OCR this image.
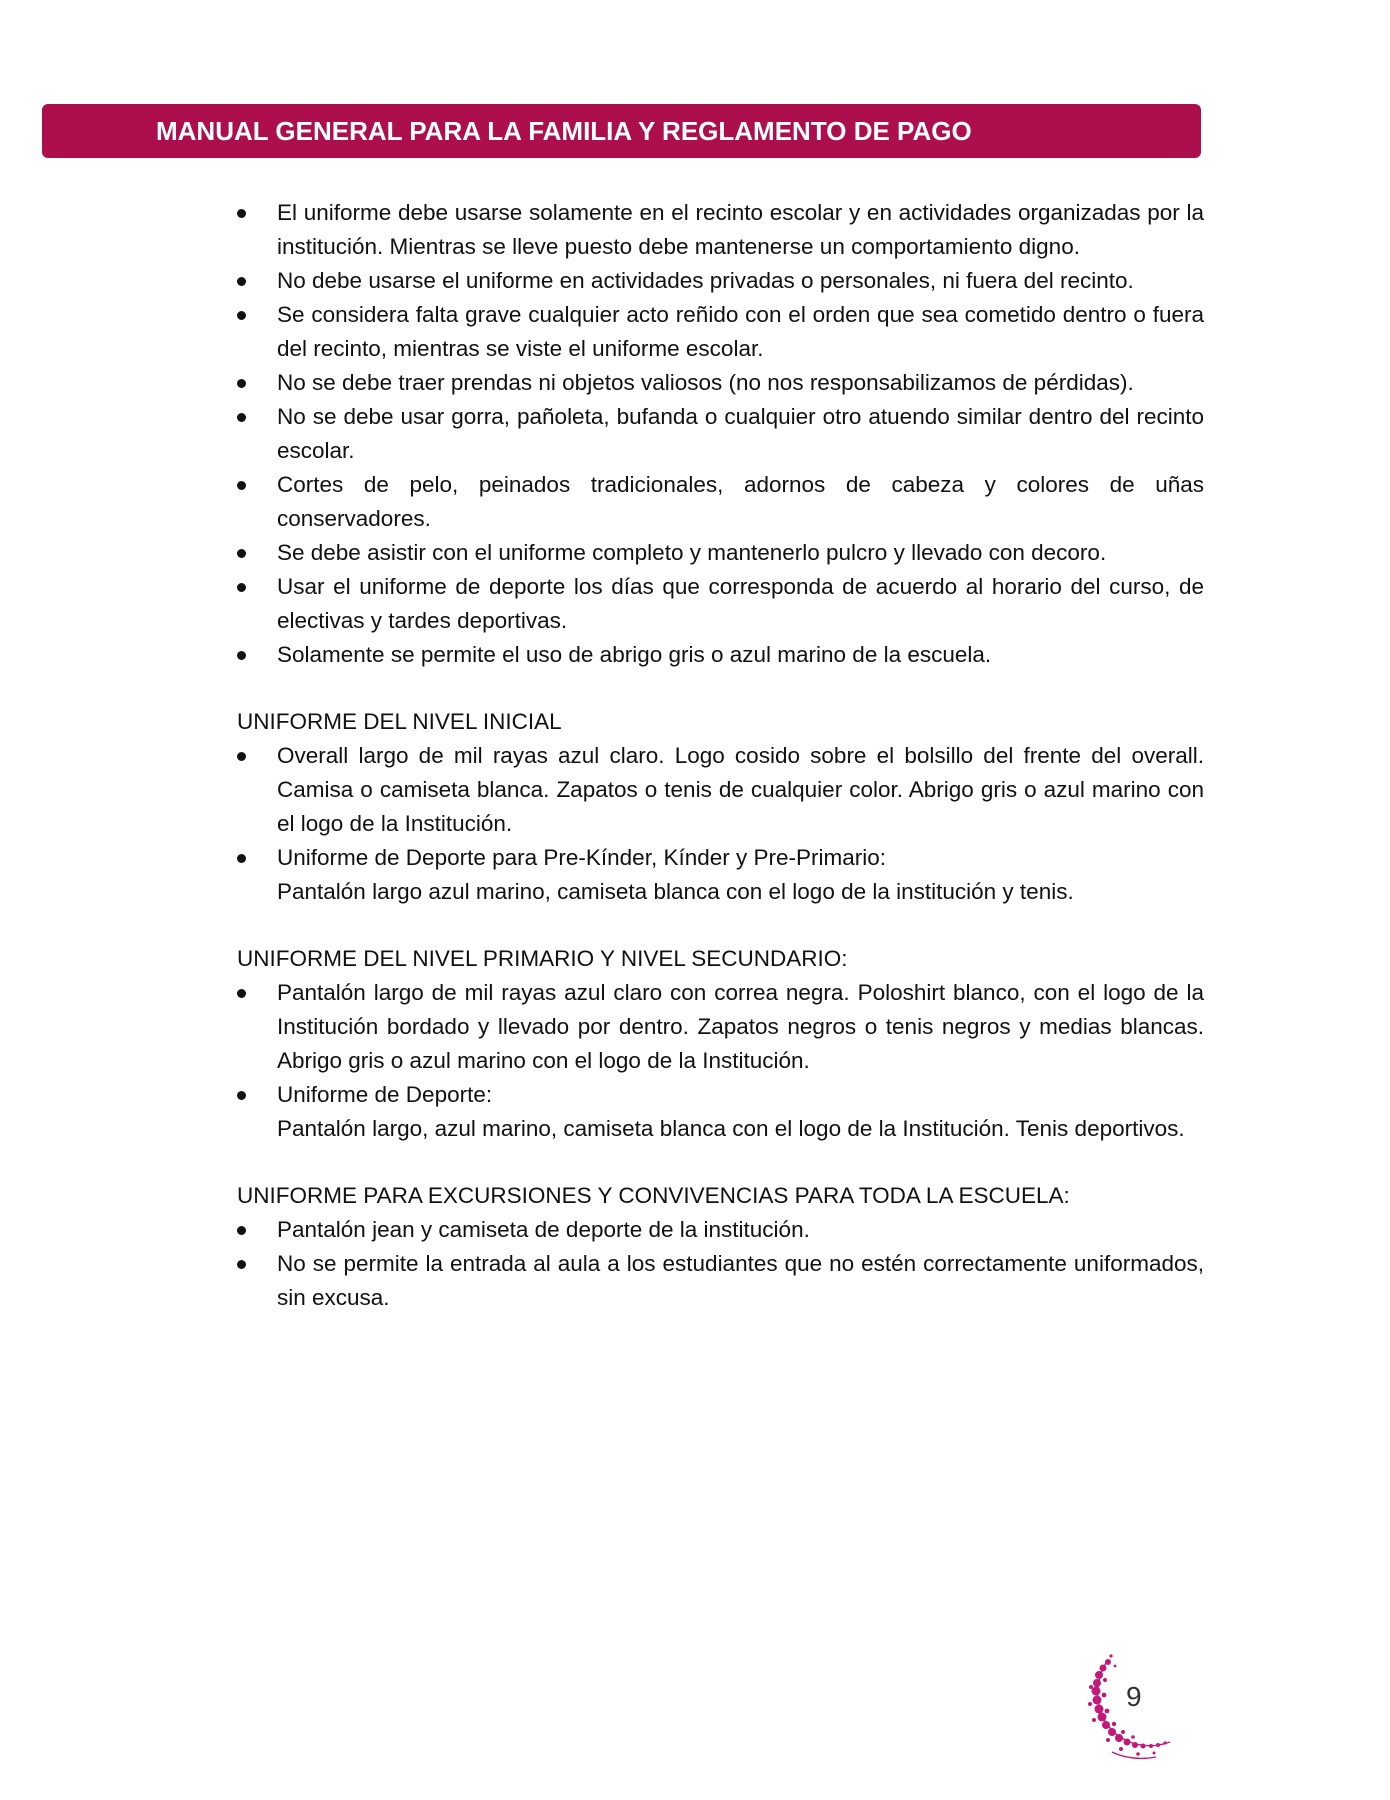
MANUAL GENERAL PARA LA FAMILIA Y REGLAMENTO DE PAGO
El uniforme debe usarse solamente en el recinto escolar y en actividades organizadas por la institución. Mientras se lleve puesto debe mantenerse un comportamiento digno.
No debe usarse el uniforme en actividades privadas o personales, ni fuera del recinto.
Se considera falta grave cualquier acto reñido con el orden que sea cometido dentro o fuera del recinto, mientras se viste el uniforme escolar.
No se debe traer prendas ni objetos valiosos (no nos responsabilizamos de pérdidas).
No se debe usar gorra, pañoleta, bufanda o cualquier otro atuendo similar dentro del recinto escolar.
Cortes de pelo, peinados tradicionales, adornos de cabeza y colores de uñas conservadores.
Se debe asistir con el uniforme completo y mantenerlo pulcro y llevado con decoro.
Usar el uniforme de deporte los días que corresponda de acuerdo al horario del curso, de electivas y tardes deportivas.
Solamente se permite el uso de abrigo gris o azul marino de la escuela.
UNIFORME DEL NIVEL INICIAL
Overall largo de mil rayas azul claro. Logo cosido sobre el bolsillo del frente del overall. Camisa o camiseta blanca. Zapatos o tenis de cualquier color. Abrigo gris o azul marino con el logo de la Institución.
Uniforme de Deporte para Pre-Kínder, Kínder y Pre-Primario:
Pantalón largo azul marino, camiseta blanca con el logo de la institución y tenis.
UNIFORME DEL NIVEL PRIMARIO Y NIVEL SECUNDARIO:
Pantalón largo de mil rayas azul claro con correa negra. Poloshirt blanco, con el logo de la Institución bordado y llevado por dentro. Zapatos negros o tenis negros y medias blancas. Abrigo gris o azul marino con el logo de la Institución.
Uniforme de Deporte:
Pantalón largo, azul marino, camiseta blanca con el logo de la Institución. Tenis deportivos.
UNIFORME PARA EXCURSIONES Y CONVIVENCIAS PARA TODA LA ESCUELA:
Pantalón jean y camiseta de deporte de la institución.
No se permite la entrada al aula a los estudiantes que no estén correctamente uniformados, sin excusa.
9
